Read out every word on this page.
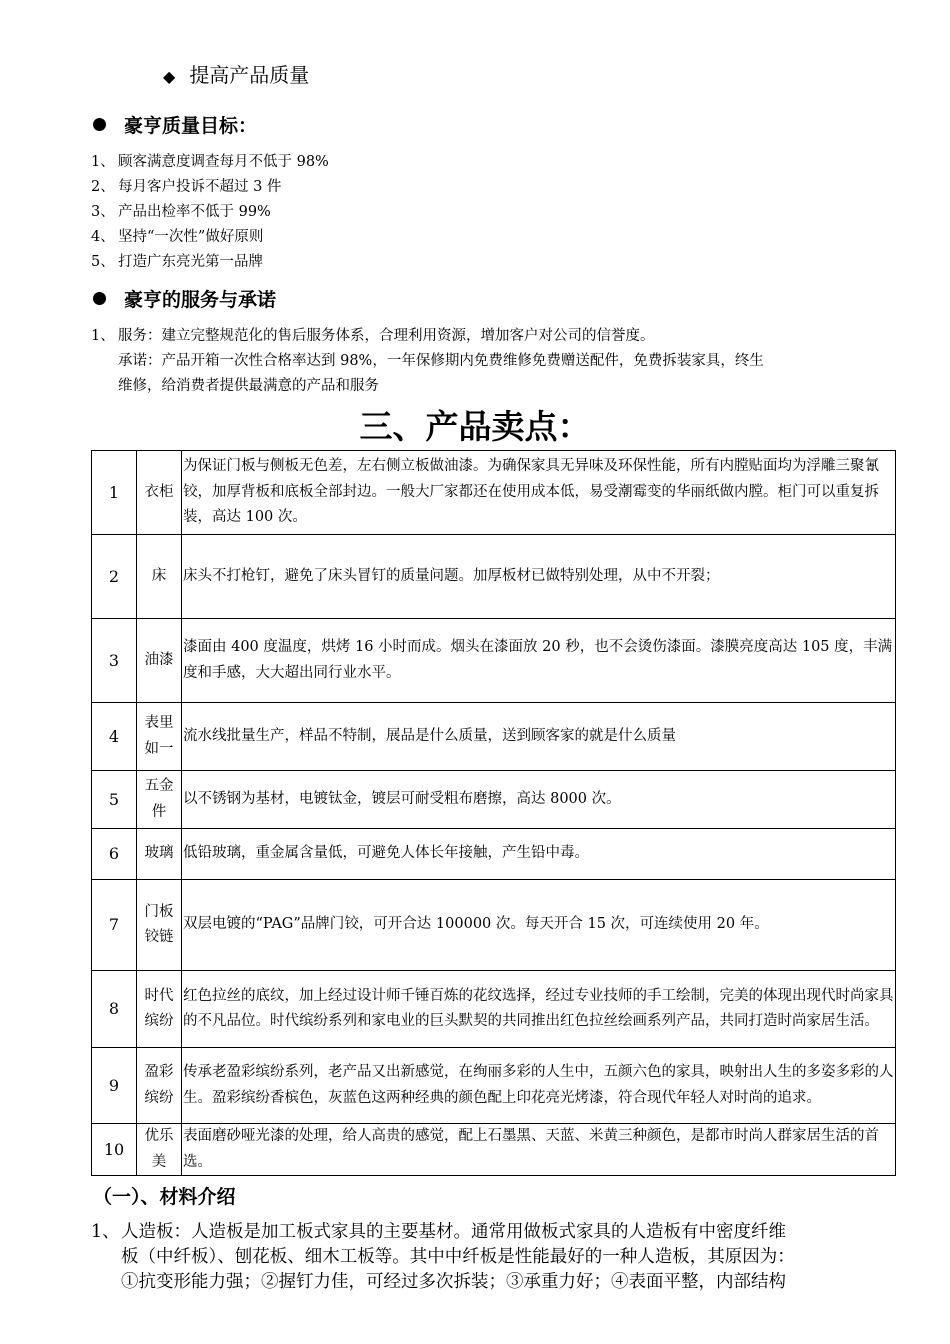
◆ 提高产品质量
豪亨质量目标：
1、 顾客满意度调查每月不低于 98%
2、 每月客户投诉不超过 3 件
3、 产品出检率不低于 99%
4、 坚持“一次性”做好原则
5、 打造广东亮光第一品牌
豪亨的服务与承诺
1、 服务：建立完整规范化的售后服务体系，合理利用资源，增加客户对公司的信誉度。
承诺：产品开箱一次性合格率达到 98%，一年保修期内免费维修免费赠送配件，免费拆装家具，终生
维修，给消费者提供最满意的产品和服务
三、产品卖点：
1	衣柜	为保证门板与侧板无色差，左右侧立板做油漆。为确保家具无异味及环保性能，所有内膛贴面均为浮雕三聚氰铰，加厚背板和底板全部封边。一般大厂家都还在使用成本低，易受潮霉变的华丽纸做内膛。柜门可以重复拆装，高达 100 次。
2	床	床头不打枪钉，避免了床头冒钉的质量问题。加厚板材已做特别处理，从中不开裂；
3	油漆	漆面由 400 度温度，烘烤 16 小时而成。烟头在漆面放 20 秒，也不会烫伤漆面。漆膜亮度高达 105 度，丰满度和手感，大大超出同行业水平。
4	表里如一	流水线批量生产，样品不特制，展品是什么质量，送到顾客家的就是什么质量
5	五金件	以不锈钢为基材，电镀钛金，镀层可耐受粗布磨擦，高达 8000 次。
6	玻璃	低铅玻璃，重金属含量低，可避免人体长年接触，产生铅中毒。
7	门板铰链	双层电镀的“PAG”品牌门铰，可开合达 100000 次。每天开合 15 次，可连续使用 20 年。
8	时代缤纷	红色拉丝的底纹，加上经过设计师千锤百炼的花纹选择，经过专业技师的手工绘制，完美的体现出现代时尚家具的不凡品位。时代缤纷系列和家电业的巨头默契的共同推出红色拉丝绘画系列产品，共同打造时尚家居生活。
9	盈彩缤纷	传承老盈彩缤纷系列，老产品又出新感觉，在绚丽多彩的人生中，五颜六色的家具，映射出人生的多姿多彩的人生。盈彩缤纷香槟色，灰蓝色这两种经典的颜色配上印花亮光烤漆，符合现代年轻人对时尚的追求。
10	优乐美	表面磨砂哑光漆的处理，给人高贵的感觉，配上石墨黑、天蓝、米黄三种颜色，是都市时尚人群家居生活的首选。
（一）、材料介绍
1、人造板：人造板是加工板式家具的主要基材。通常用做板式家具的人造板有中密度纤维
板（中纤板）、刨花板、细木工板等。其中中纤板是性能最好的一种人造板，其原因为：
①抗变形能力强；②握钉力佳，可经过多次拆装；③承重力好；④表面平整，内部结构
